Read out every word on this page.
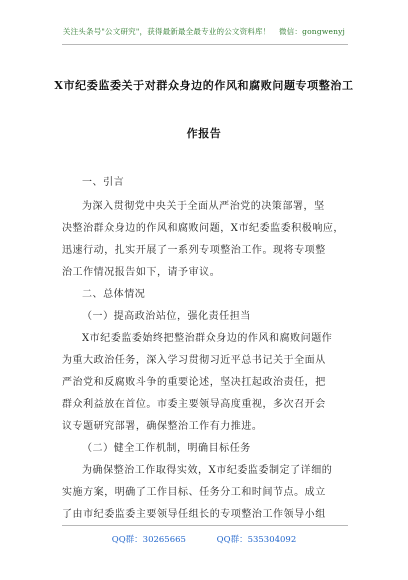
关注头条号"公文研究"，获得最新最全最专业的公文资料库！ 微信：gongwenyj
X市纪委监委关于对群众身边的作风和腐败问题专项整治工
作报告
一、引言
为深入贯彻党中央关于全面从严治党的决策部署，坚
决整治群众身边的作风和腐败问题，X市纪委监委积极响应，
迅速行动，扎实开展了一系列专项整治工作。现将专项整
治工作情况报告如下，请予审议。
二、总体情况
（一）提高政治站位，强化责任担当
X市纪委监委始终把整治群众身边的作风和腐败问题作
为重大政治任务，深入学习贯彻习近平总书记关于全面从
严治党和反腐败斗争的重要论述，坚决扛起政治责任，把
群众利益放在首位。市委主要领导高度重视，多次召开会
议专题研究部署，确保整治工作有力推进。
（二）健全工作机制，明确目标任务
为确保整治工作取得实效，X市纪委监委制定了详细的
实施方案，明确了工作目标、任务分工和时间节点。成立
了由市纪委监委主要领导任组长的专项整治工作领导小组
QQ群：30265665	QQ群：535304092
